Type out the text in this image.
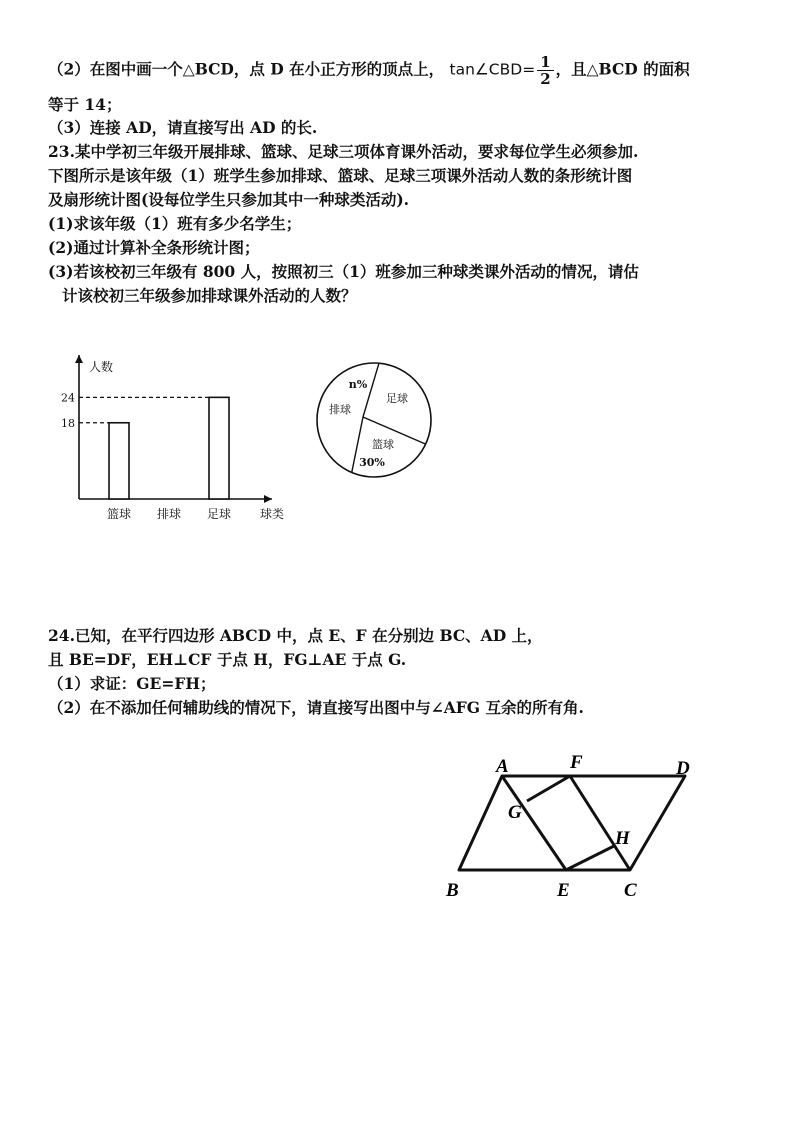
（2）在图中画一个△BCD，点 D 在小正方形的顶点上， tan∠CBD= $\frac{1}{2}$ ，且△BCD 的面积
等于 14；
（3）连接 AD，请直接写出 AD 的长.
23.某中学初三年级开展排球、篮球、足球三项体育课外活动，要求每位学生必须参加.
下图所示是该年级（1）班学生参加排球、篮球、足球三项课外活动人数的条形统计图
及扇形统计图(设每位学生只参加其中一种球类活动).
(1)求该年级（1）班有多少名学生；
(2)通过计算补全条形统计图；
(3)若该校初三年级有 800 人，按照初三（1）班参加三种球类课外活动的情况，请估
计该校初三年级参加排球课外活动的人数？
人数
球类
篮球 排球 足球
18
24
排球
足球
n%
篮球
30%
24.已知，在平行四边形 ABCD 中，点 E、F 在分别边 BC、AD 上，
且 BE=DF，EH⊥CF 于点 H，FG⊥AE 于点 G.
（1）求证：GE=FH；
（2）在不添加任何辅助线的情况下，请直接写出图中与∠AFG 互余的所有角.
A	F	D
G
H
B	E	C
